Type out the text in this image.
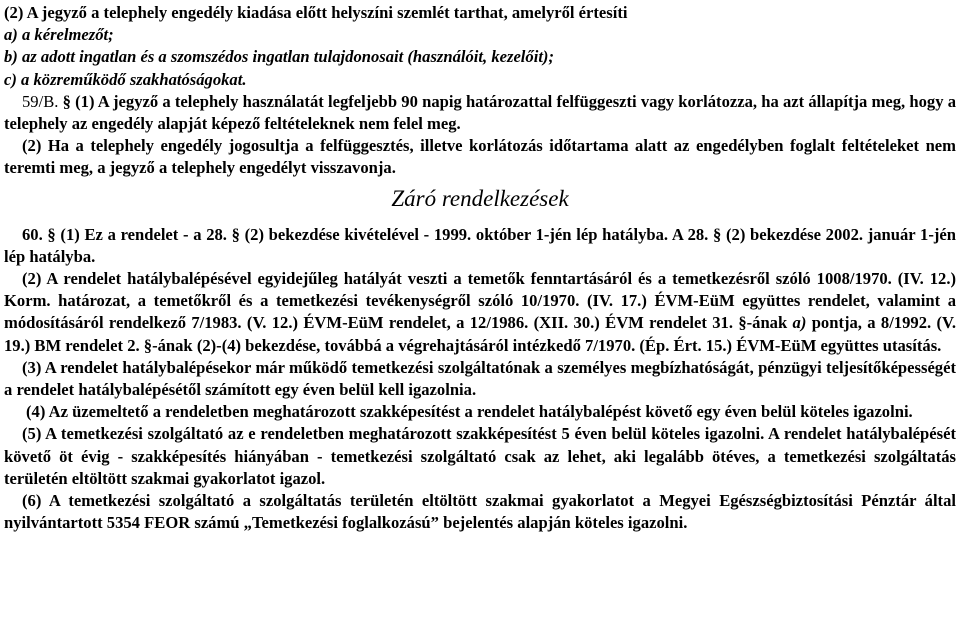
(2) A jegyző a telephely engedély kiadása előtt helyszíni szemlét tarthat, amelyről értesíti

a) a kérelmezőt;

b) az adott ingatlan és a szomszédos ingatlan tulajdonosait (használóit, kezelőit);

c) a közreműködő szakhatóságokat.

59/B. § (1) A jegyző a telephely használatát legfeljebb 90 napig határozattal felfüggeszti vagy korlátozza, ha azt állapítja meg, hogy a telephely az engedély alapját képező feltételeknek nem felel meg.

(2) Ha a telephely engedély jogosultja a felfüggesztés, illetve korlátozás időtartama alatt az engedélyben foglalt feltételeket nem teremti meg, a jegyző a telephely engedélyt visszavonja.

Záró rendelkezések

60. § (1) Ez a rendelet - a 28. § (2) bekezdése kivételével - 1999. október 1-jén lép hatályba. A 28. § (2) bekezdése 2002. január 1-jén lép hatályba.

(2) A rendelet hatálybalépésével egyidejűleg hatályát veszti a temetők fenntartásáról és a temetkezésről szóló 1008/1970. (IV. 12.) Korm. határozat, a temetőkről és a temetkezési tevékenységről szóló 10/1970. (IV. 17.) ÉVM-EüM együttes rendelet, valamint a módosításáról rendelkező 7/1983. (V. 12.) ÉVM-EüM rendelet, a 12/1986. (XII. 30.) ÉVM rendelet 31. §-ának a) pontja, a 8/1992. (V. 19.) BM rendelet 2. §-ának (2)-(4) bekezdése, továbbá a végrehajtásáról intézkedő 7/1970. (Ép. Ért. 15.) ÉVM-EüM együttes utasítás.

(3) A rendelet hatálybalépésekor már működő temetkezési szolgáltatónak a személyes megbízhatóságát, pénzügyi teljesítőképességét a rendelet hatálybalépésétől számított egy éven belül kell igazolnia.

(4) Az üzemeltető a rendeletben meghatározott szakképesítést a rendelet hatálybalépést követő egy éven belül köteles igazolni.

(5) A temetkezési szolgáltató az e rendeletben meghatározott szakképesítést 5 éven belül köteles igazolni. A rendelet hatálybalépését követő öt évig - szakképesítés hiányában - temetkezési szolgáltató csak az lehet, aki legalább ötéves, a temetkezési szolgáltatás területén eltöltött szakmai gyakorlatot igazol.

(6) A temetkezési szolgáltató a szolgáltatás területén eltöltött szakmai gyakorlatot a Megyei Egészségbiztosítási Pénztár által nyilvántartott 5354 FEOR számú „Temetkezési foglalkozású” bejelentés alapján köteles igazolni.
